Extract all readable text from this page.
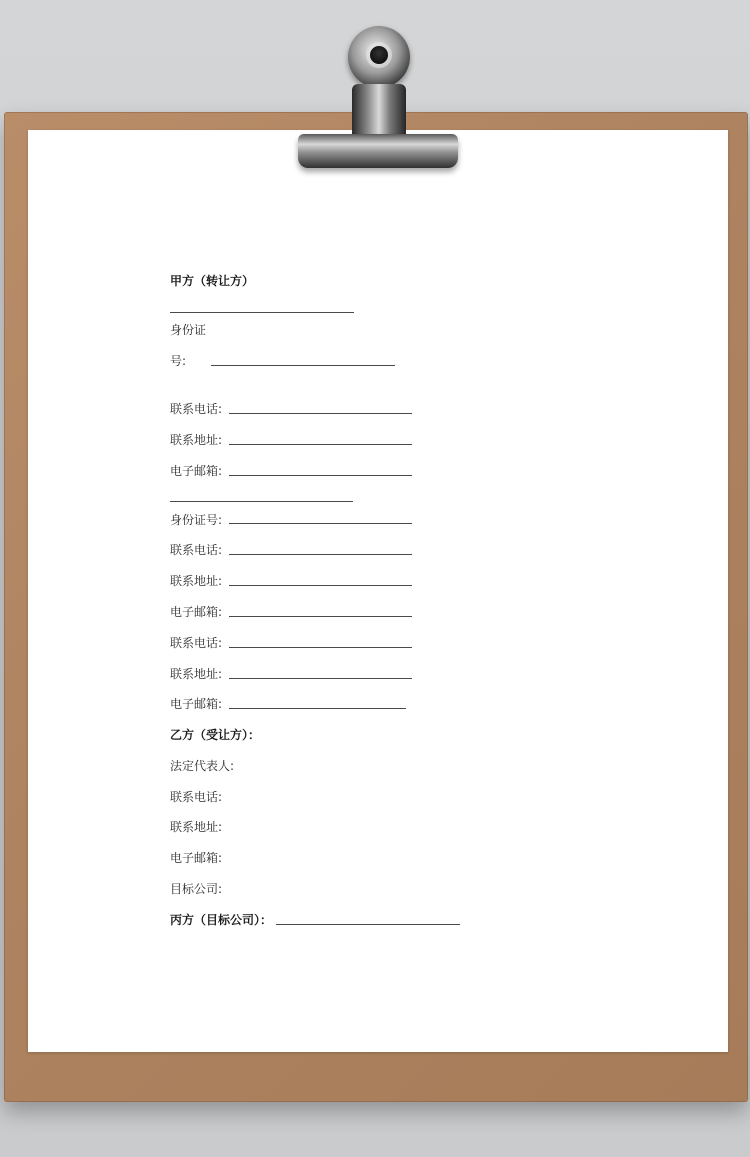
甲方（转让方）
身份证
号:
联系电话:
联系地址:
电子邮箱:
身份证号:
联系电话:
联系地址:
电子邮箱:
联系电话:
联系地址:
电子邮箱:
乙方（受让方）：
法定代表人:
联系电话:
联系地址:
电子邮箱:
目标公司:
丙方（目标公司）：
